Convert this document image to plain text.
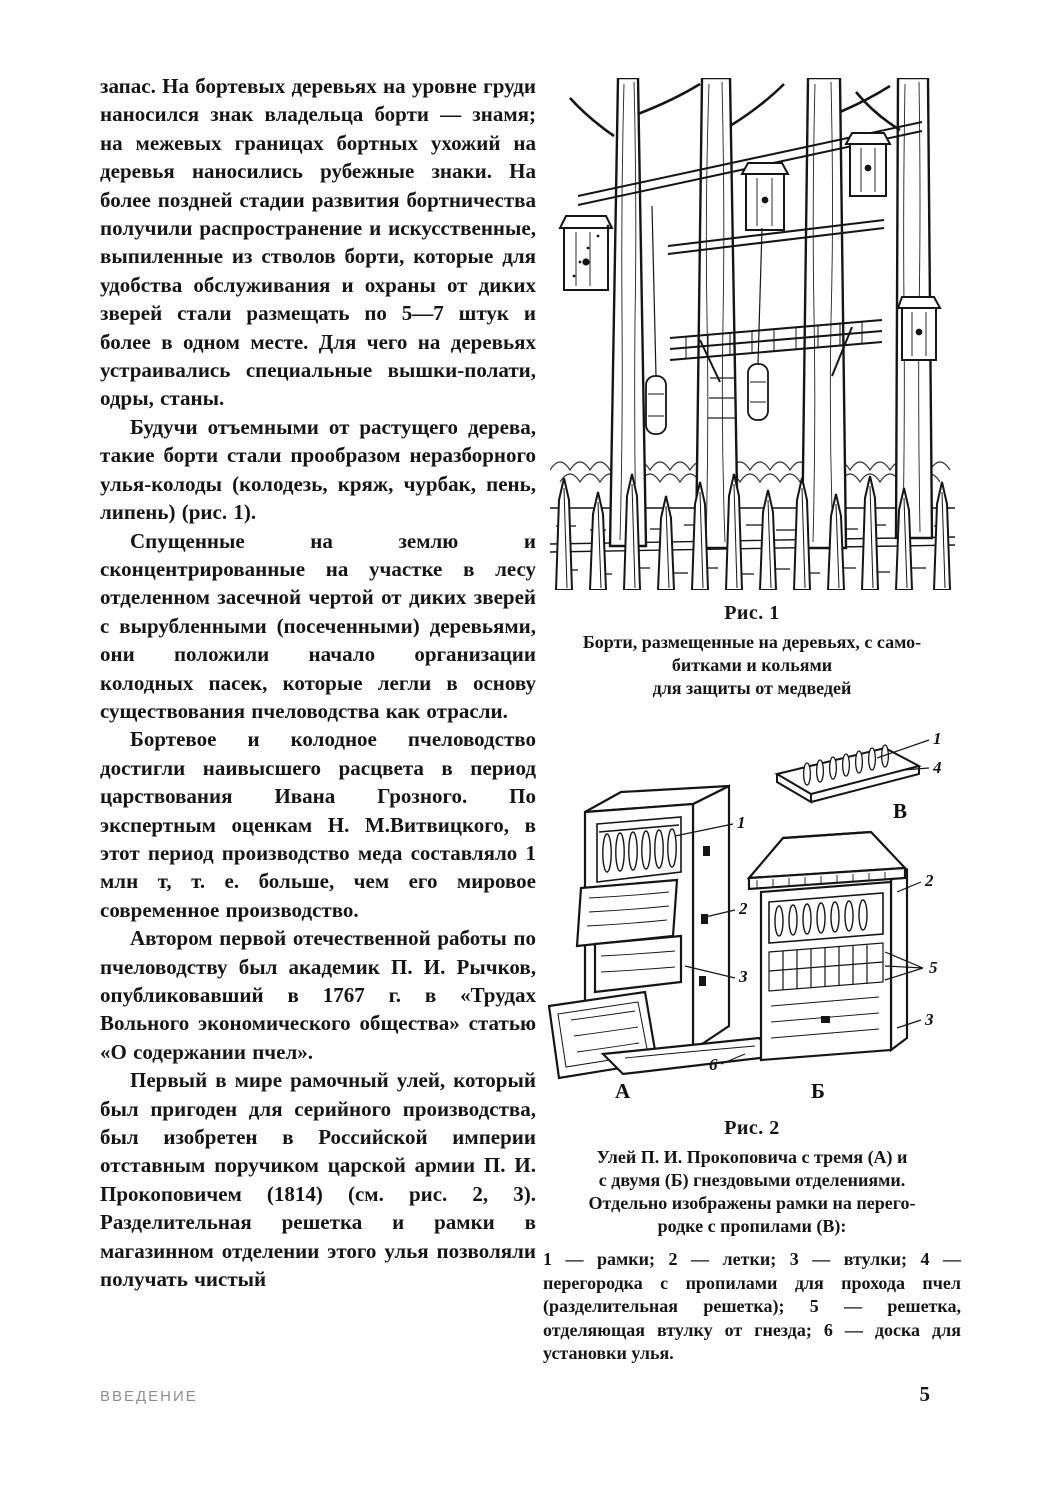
запас. На бортевых деревьях на уровне груди наносился знак владельца борти — знамя; на межевых границах бортных ухожий на деревья наносились рубежные знаки. На более поздней стадии развития бортничества получили распространение и искусственные, выпиленные из стволов борти, которые для удобства обслуживания и охраны от диких зверей стали размещать по 5—7 штук и более в одном месте. Для чего на деревьях устраивались специальные вышки-полати, одры, станы.

Будучи отъемными от растущего дерева, такие борти стали прообразом неразборного улья-колоды (колодезь, кряж, чурбак, пень, липень) (рис. 1).

Спущенные на землю и сконцентрированные на участке в лесу отделенном засечной чертой от диких зверей с вырубленными (посеченными) деревьями, они положили начало организации колодных пасек, которые легли в основу существования пчеловодства как отрасли.

Бортевое и колодное пчеловодство достигли наивысшего расцвета в период царствования Ивана Грозного. По экспертным оценкам Н. М.Витвицкого, в этот период производство меда составляло 1 млн т, т. е. больше, чем его мировое современное производство.

Автором первой отечественной работы по пчеловодству был академик П. И. Рычков, опубликовавший в 1767 г. в «Трудах Вольного экономического общества» статью «О содержании пчел».

Первый в мире рамочный улей, который был пригоден для серийного производства, был изобретен в Российской империи отставным поручиком царской армии П. И. Прокоповичем (1814) (см. рис. 2, 3). Разделительная решетка и рамки в магазинном отделении этого улья позволяли получать чистый

Рис. 1
Борти, размещенные на деревьях, с само-
битками и кольями
для защиты от медведей
1
4
1
2
3
6
2
5
3
А	Б
В
Рис. 2
Улей П. И. Прокоповича с тремя (А) и
с двумя (Б) гнездовыми отделениями.
Отдельно изображены рамки на перего-
родке с пропилами (В):

1 — рамки; 2 — летки; 3 — втулки; 4 — перегородка с пропилами для прохода пчел (разделительная решетка); 5 — решетка, отделяющая втулку от гнезда; 6 — доска для установки улья.

ВВЕДЕНИЕ	5
